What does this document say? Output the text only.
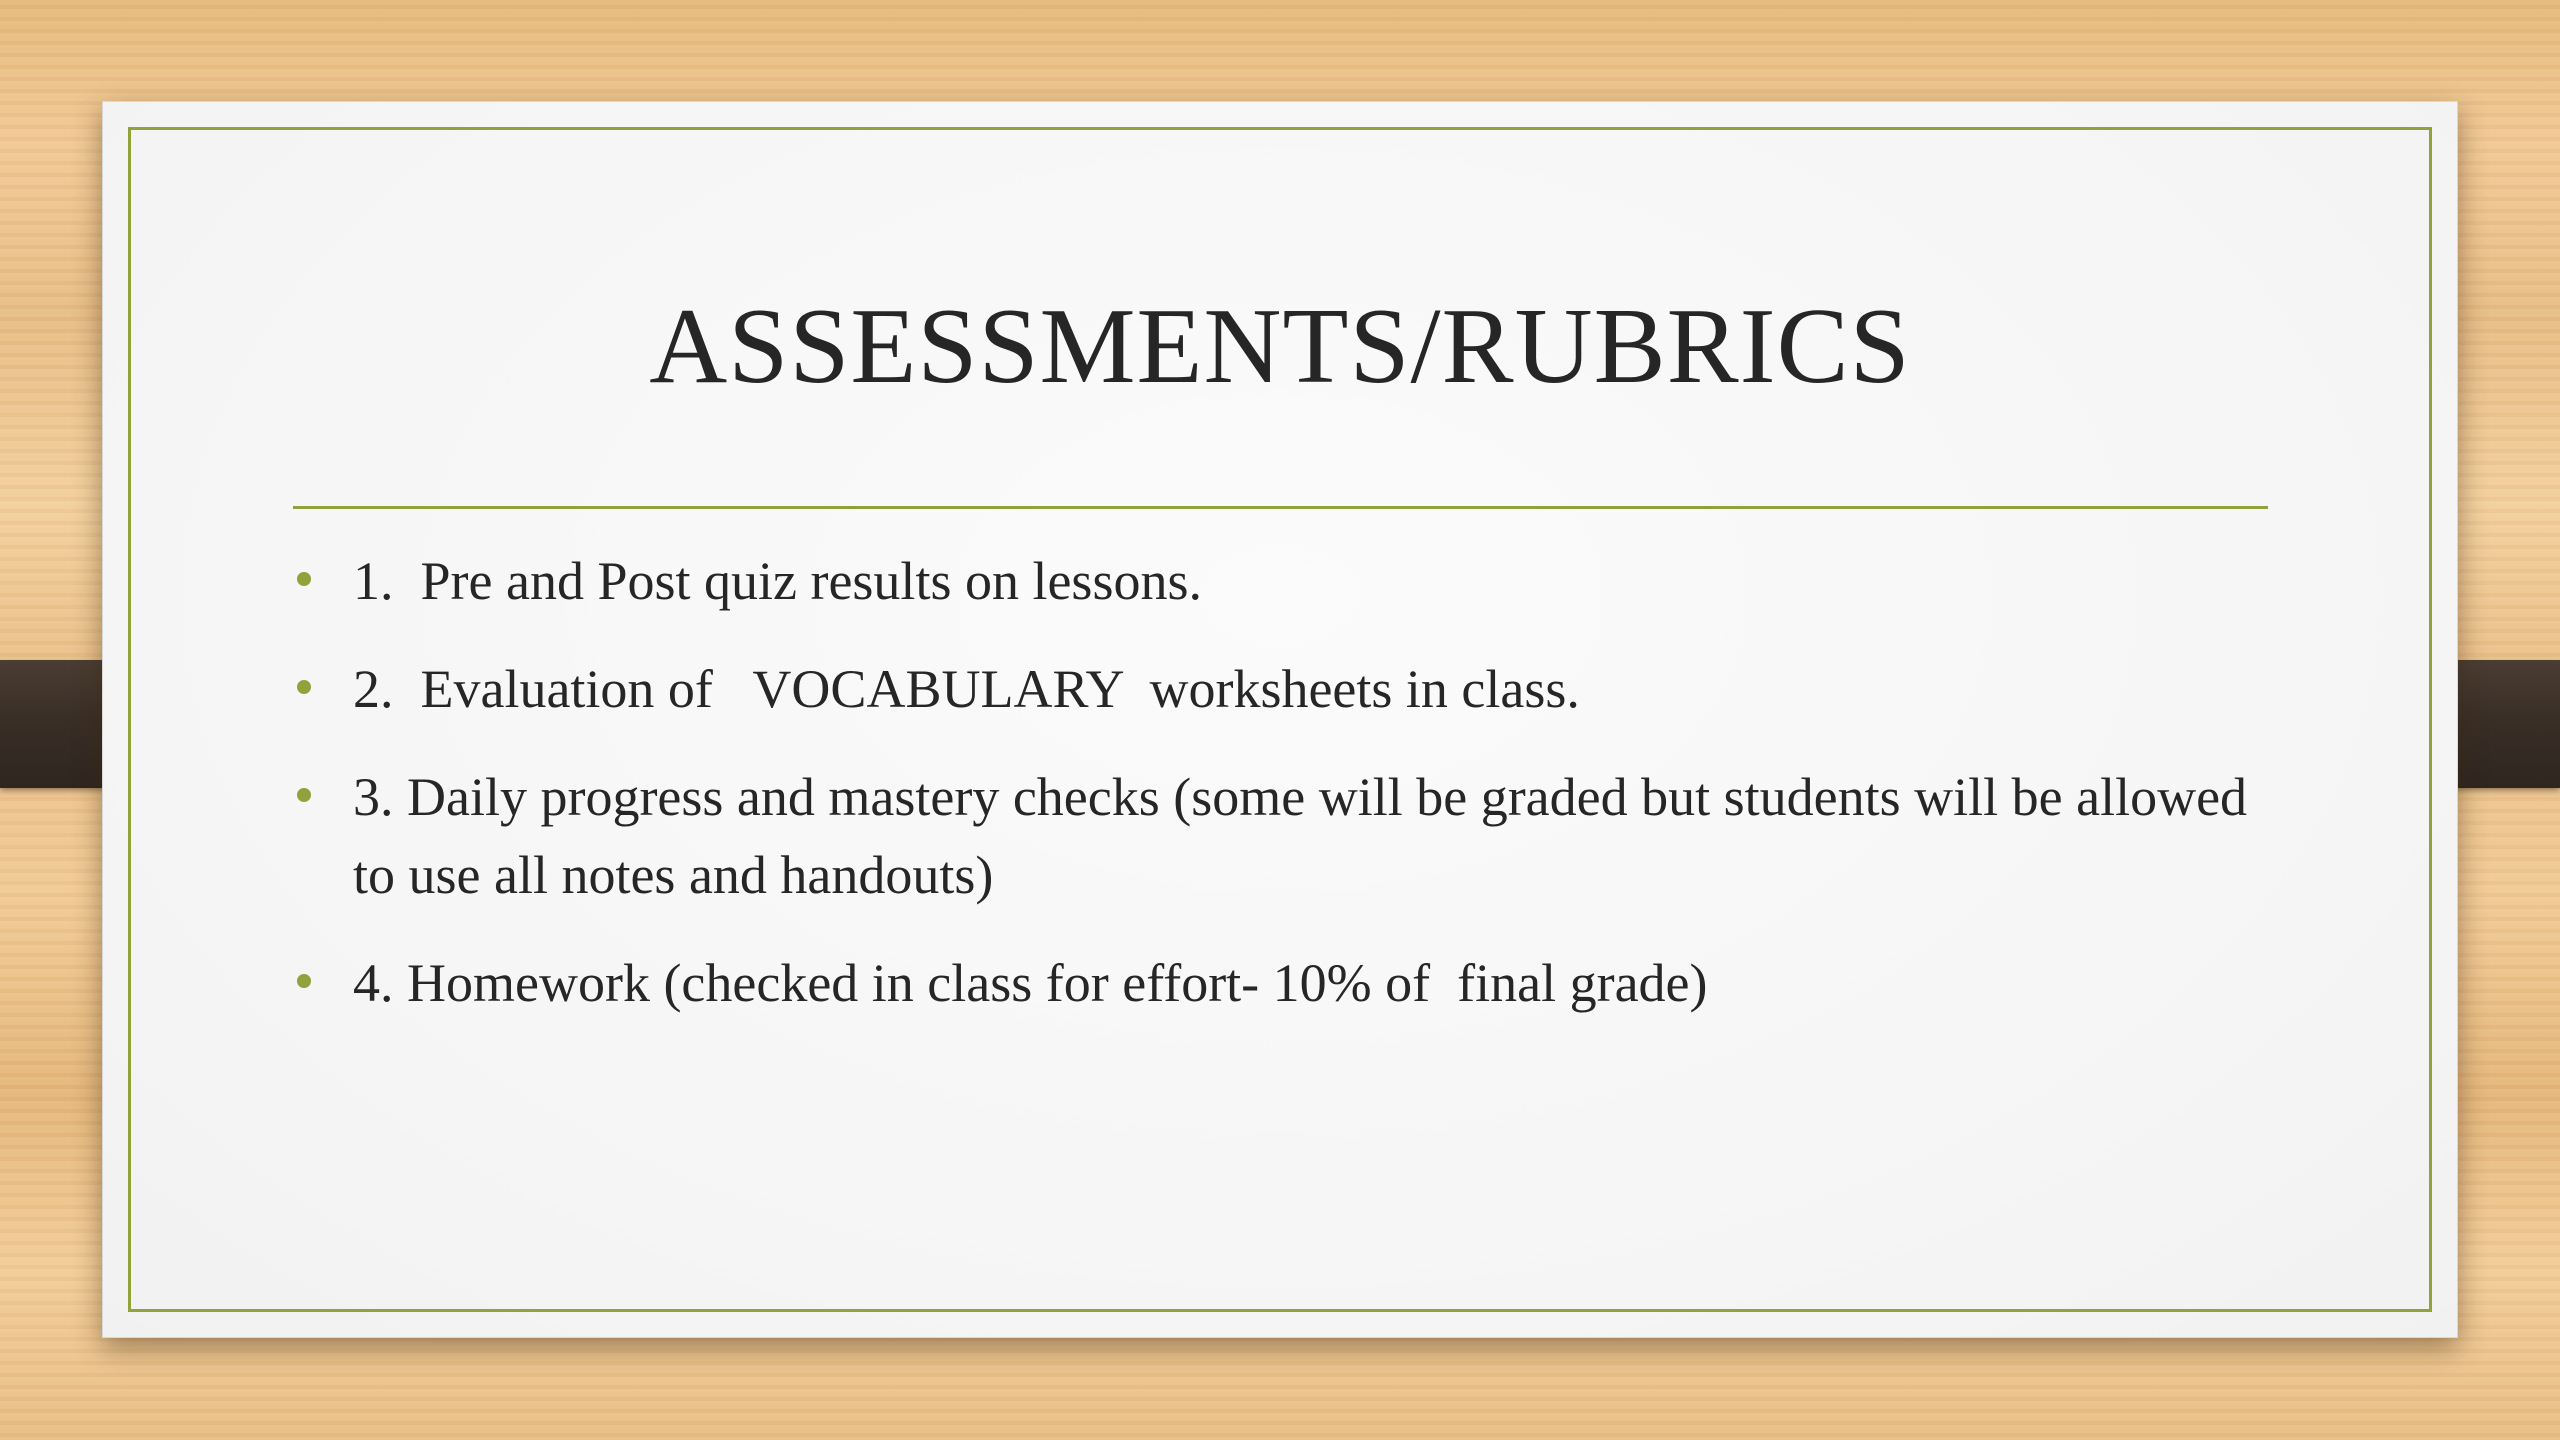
ASSESSMENTS/RUBRICS
1.  Pre and Post quiz results on lessons.
2.  Evaluation of   VOCABULARY  worksheets in class.
3. Daily progress and mastery checks (some will be graded but students will be allowed to use all notes and handouts)
4. Homework (checked in class for effort- 10% of  final grade)
